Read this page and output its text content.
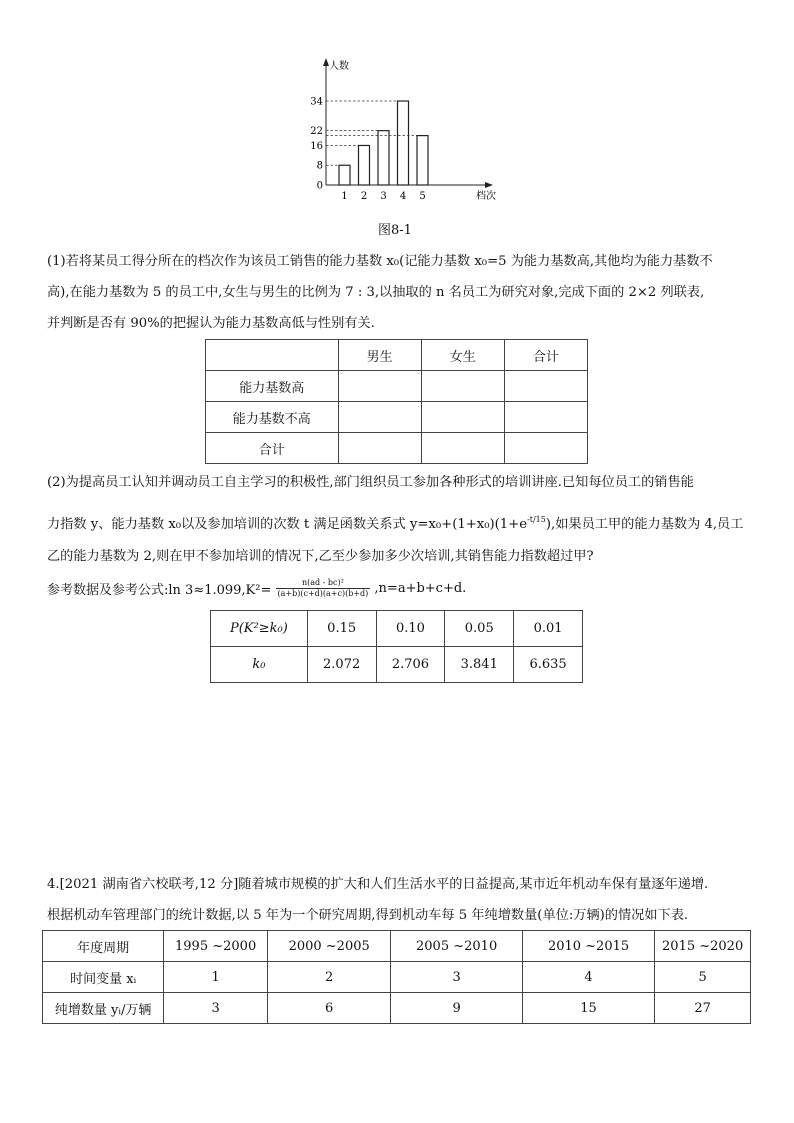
人数
档次
0
8
16
22
34
1 2 3 4 5
图8-1
(1)若将某员工得分所在的档次作为该员工销售的能力基数 x₀(记能力基数 x₀=5 为能力基数高,其他均为能力基数不
高),在能力基数为 5 的员工中,女生与男生的比例为 7 : 3,以抽取的 n 名员工为研究对象,完成下面的 2×2 列联表,
并判断是否有 90%的把握认为能力基数高低与性别有关.
	男生	女生	合计
能力基数高			
能力基数不高			
合计			
(2)为提高员工认知并调动员工自主学习的积极性,部门组织员工参加各种形式的培训讲座.已知每位员工的销售能
力指数 y、能力基数 x₀以及参加培训的次数 t 满足函数关系式 $y=x_0+(1+x_0)(1+e^{-t/15})$,如果员工甲的能力基数为 4,员工
乙的能力基数为 2,则在甲不参加培训的情况下,乙至少参加多少次培训,其销售能力指数超过甲?
参考数据及参考公式:ln $3\approx 1.099,K^2= \frac{\text{n(ad - bc)²}}{(a+b)(c+d)(a+c)(b+d)} ,n=a+b+c+d$.
P(K²≥k₀)	0.15	0.10	0.05	0.01
k₀	2.072	2.706	3.841	6.635
4.[2021 湖南省六校联考,12 分]随着城市规模的扩大和人们生活水平的日益提高,某市近年机动车保有量逐年递增.
根据机动车管理部门的统计数据,以 5 年为一个研究周期,得到机动车每 5 年纯增数量(单位:万辆)的情况如下表.
年度周期	1995 ~2000	2000 ~2005	2005 ~2010	2010 ~2015	2015 ~2020
时间变量 xᵢ	1	2	3	4	5
纯增数量 yᵢ/万辆	3	6	9	15	27
